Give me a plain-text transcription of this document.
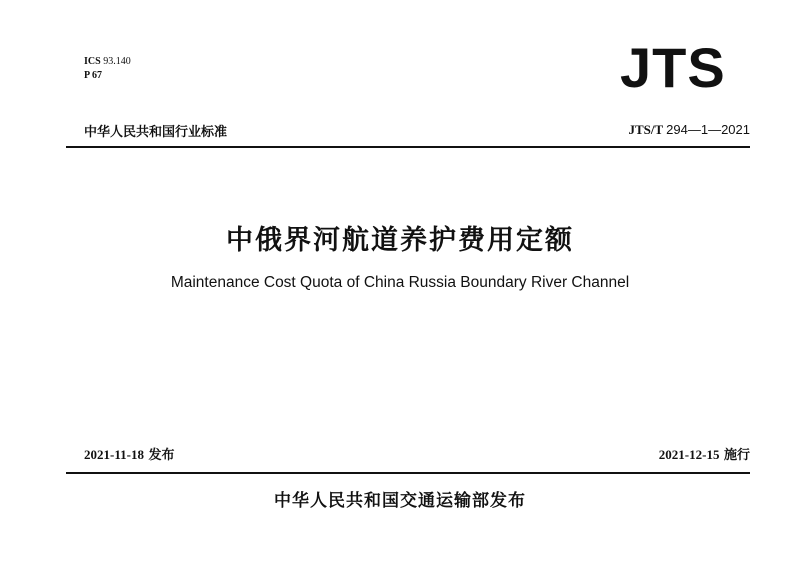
ICS 93.140
P 67	JTS
中华人民共和国行业标准	JTS/T 294—1—2021
中俄界河航道养护费用定额
Maintenance Cost Quota of China Russia Boundary River Channel
2021-11-18 发布	2021-12-15 施行
中华人民共和国交通运输部发布
